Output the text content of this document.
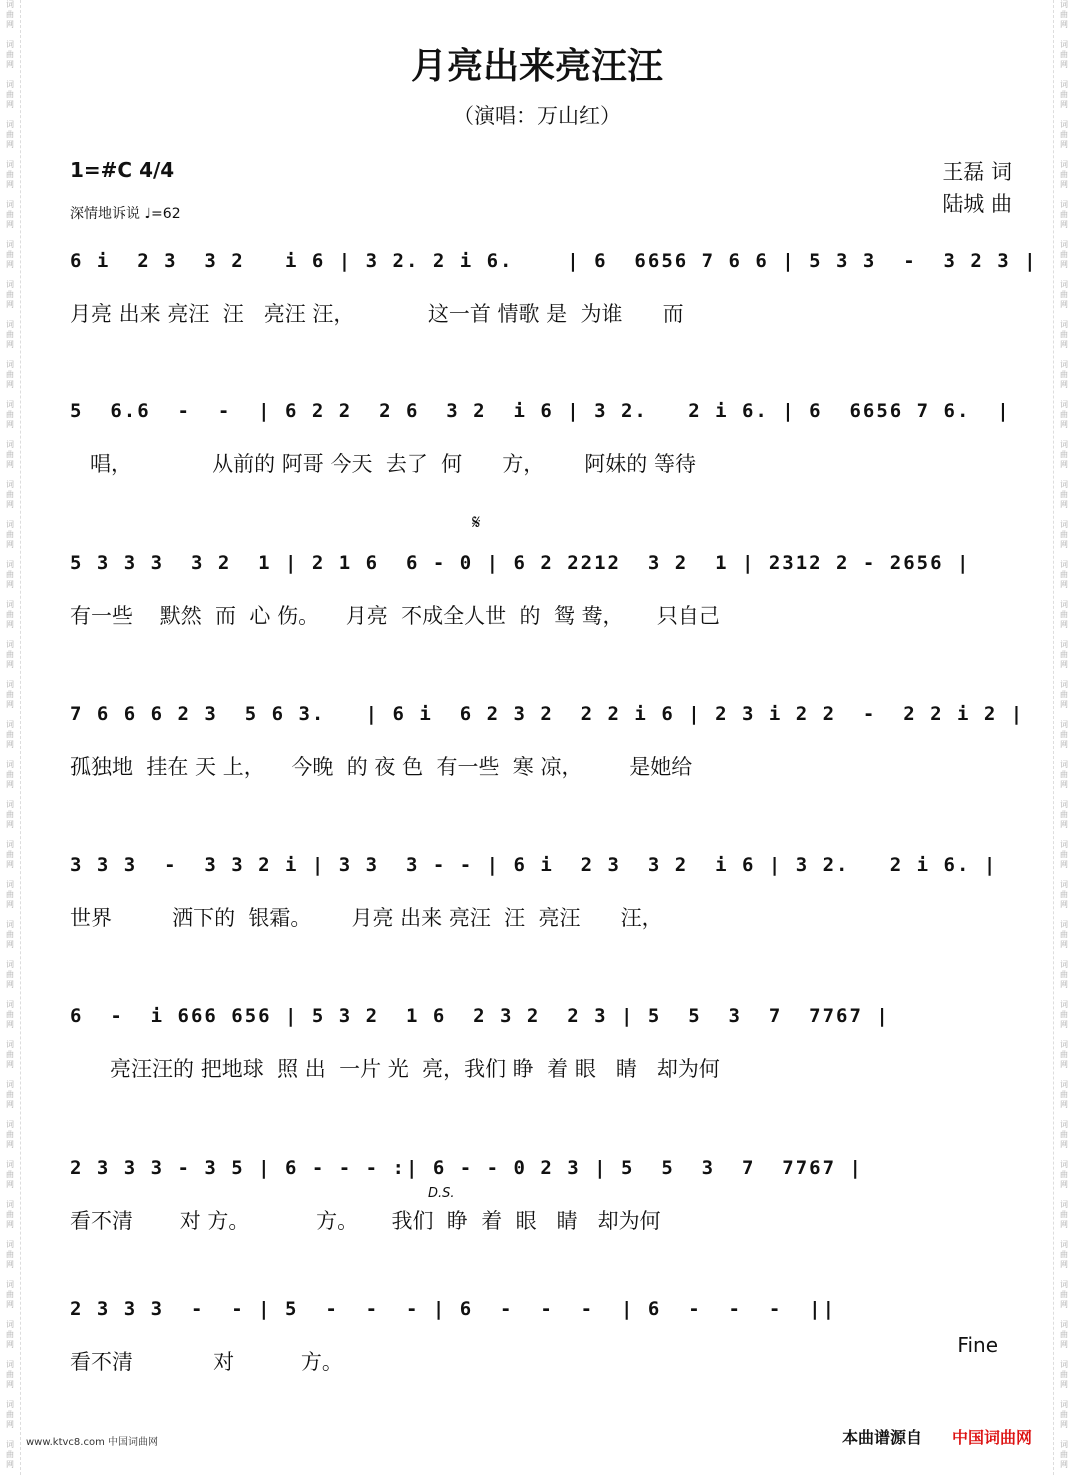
词
曲
网

词
曲
网

词
曲
网

词
曲
网

词
曲
网

词
曲
网

词
曲
网

词
曲
网

词
曲
网

词
曲
网

词
曲
网

词
曲
网

词
曲
网

词
曲
网

词
曲
网

词
曲
网

词
曲
网

词
曲
网

词
曲
网

词
曲
网

词
曲
网

词
曲
网

词
曲
网

词
曲
网

词
曲
网

词
曲
网

词
曲
网

词
曲
网

词
曲
网

词
曲
网

词
曲
网

词
曲
网

词
曲
网

词
曲
网

词
曲
网

词
曲
网

词
曲
网
词
曲
网

词
曲
网

词
曲
网

词
曲
网

词
曲
网

词
曲
网

词
曲
网

词
曲
网

词
曲
网

词
曲
网

词
曲
网

词
曲
网

词
曲
网

词
曲
网

词
曲
网

词
曲
网

词
曲
网

词
曲
网

词
曲
网

词
曲
网

词
曲
网

词
曲
网

词
曲
网

词
曲
网

词
曲
网

词
曲
网

词
曲
网

词
曲
网

词
曲
网

词
曲
网

词
曲
网

词
曲
网

词
曲
网

词
曲
网

词
曲
网

词
曲
网

词
曲
网
月亮出来亮汪汪
（演唱：万山红）
王磊 词
陆城 曲
1=#C 4/4
深情地诉说 ♩=62
𝄋
D.S.
Fine
6 i  2 3  3 2   i 6 | 3 2. 2 i 6.    | 6  6656 7 6 6 | 5 3 3  -  3 2 3 |
月亮 出来 亮汪  汪   亮汪 汪，           这一首 情歌 是  为谁      而
5  6.6  -  -  | 6 2 2  2 6  3 2  i 6 | 3 2.   2 i 6. | 6  6656 7 6.  |
唱，            从前的 阿哥 今天  去了  何      方，      阿妹的 等待
5 3 3 3  3 2  1 | 2 1 6  6 - 0 | 6 2 2212  3 2  1 | 2312 2 - 2656 |
有一些    默然  而  心 伤。    月亮  不成全人世  的  鸳 鸯，     只自己
7 6 6 6 2 3  5 6 3.   | 6 i  6 2 3 2  2 2 i 6 | 2 3 i 2 2  -  2 2 i 2 |
孤独地  挂在 天 上，    今晚  的 夜 色  有一些  寒 凉，       是她给
3 3 3  -  3 3 2 i | 3 3  3 - - | 6 i  2 3  3 2  i 6 | 3 2.   2 i 6. |
世界         洒下的  银霜。      月亮 出来 亮汪  汪  亮汪      汪，
6  -  i 666 656 | 5 3 2  1 6  2 3 2  2 3 | 5  5  3  7  7767 |
亮汪汪的 把地球  照 出  一片 光  亮，我们 睁  着 眼   睛   却为何
2 3 3 3 - 3 5 | 6 - - - :| 6 - - 0 2 3 | 5  5  3  7  7767 |
看不清       对 方。          方。     我们  睁  着  眼   睛   却为何
2 3 3 3  -  - | 5  -  -  - | 6  -  -  -  | 6  -  -  -  ||
看不清            对          方。
www.ktvc8.com 中国词曲网	本曲谱源自 中国词曲网
